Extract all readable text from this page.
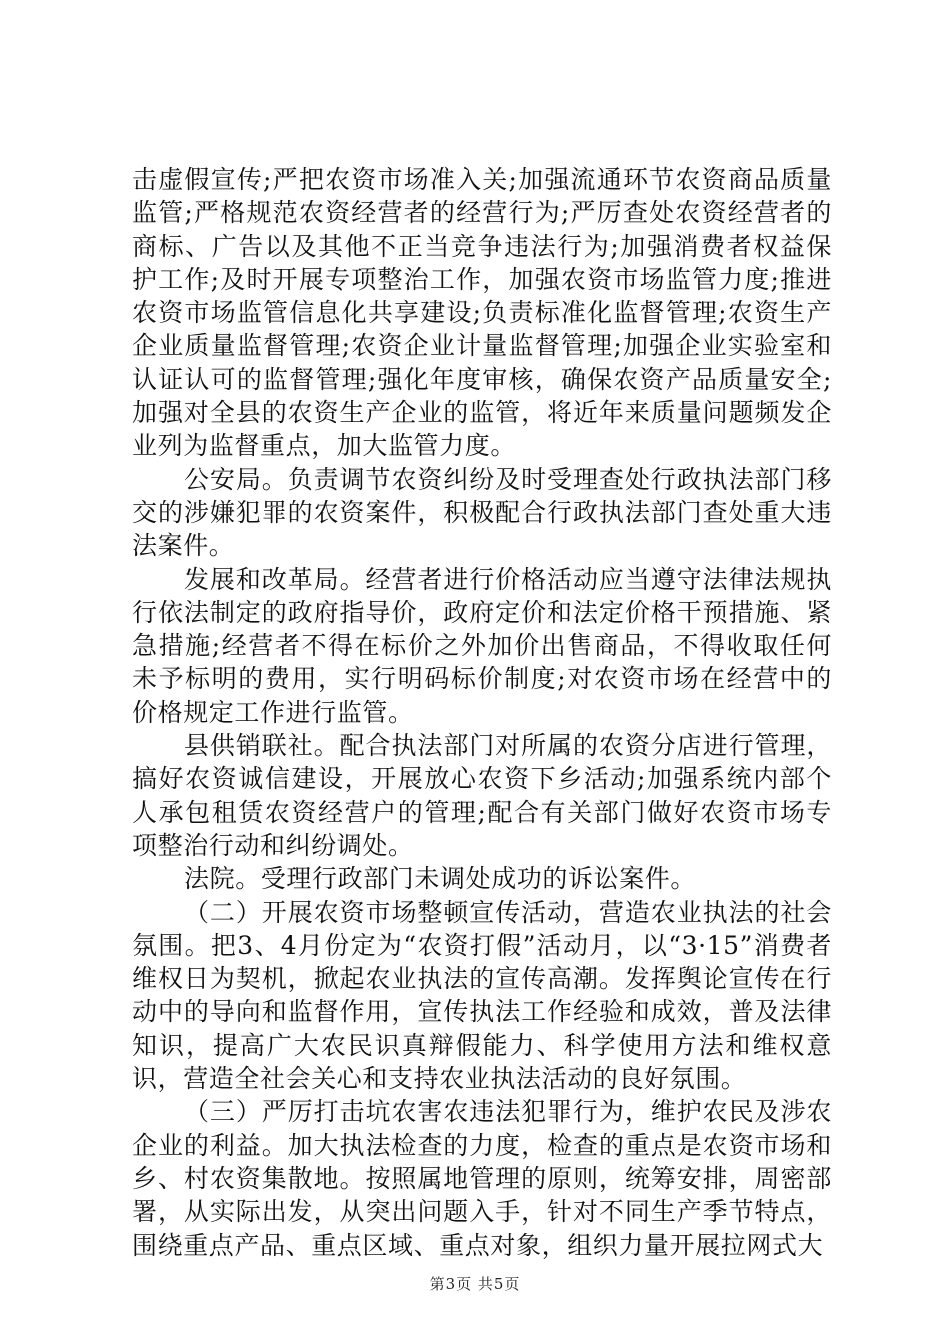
击虚假宣传;严把农资市场准入关;加强流通环节农资商品质量监管;严格规范农资经营者的经营行为;严厉查处农资经营者的商标、广告以及其他不正当竞争违法行为;加强消费者权益保护工作;及时开展专项整治工作，加强农资市场监管力度;推进农资市场监管信息化共享建设;负责标准化监督管理;农资生产企业质量监督管理;农资企业计量监督管理;加强企业实验室和认证认可的监督管理;强化年度审核，确保农资产品质量安全;加强对全县的农资生产企业的监管，将近年来质量问题频发企业列为监督重点，加大监管力度。

公安局。负责调节农资纠纷及时受理查处行政执法部门移交的涉嫌犯罪的农资案件，积极配合行政执法部门查处重大违法案件。

发展和改革局。经营者进行价格活动应当遵守法律法规执行依法制定的政府指导价，政府定价和法定价格干预措施、紧急措施;经营者不得在标价之外加价出售商品，不得收取任何未予标明的费用，实行明码标价制度;对农资市场在经营中的价格规定工作进行监管。

县供销联社。配合执法部门对所属的农资分店进行管理，搞好农资诚信建设，开展放心农资下乡活动;加强系统内部个人承包租赁农资经营户的管理;配合有关部门做好农资市场专项整治行动和纠纷调处。

法院。受理行政部门未调处成功的诉讼案件。

（二）开展农资市场整顿宣传活动，营造农业执法的社会氛围。把3、4月份定为“农资打假”活动月，以“3·15”消费者维权日为契机，掀起农业执法的宣传高潮。发挥舆论宣传在行动中的导向和监督作用，宣传执法工作经验和成效，普及法律知识，提高广大农民识真辩假能力、科学使用方法和维权意识，营造全社会关心和支持农业执法活动的良好氛围。

（三）严厉打击坑农害农违法犯罪行为，维护农民及涉农企业的利益。加大执法检查的力度，检查的重点是农资市场和乡、村农资集散地。按照属地管理的原则，统筹安排，周密部署，从实际出发，从突出问题入手，针对不同生产季节特点，围绕重点产品、重点区域、重点对象，组织力量开展拉网式大

第3页 共5页
